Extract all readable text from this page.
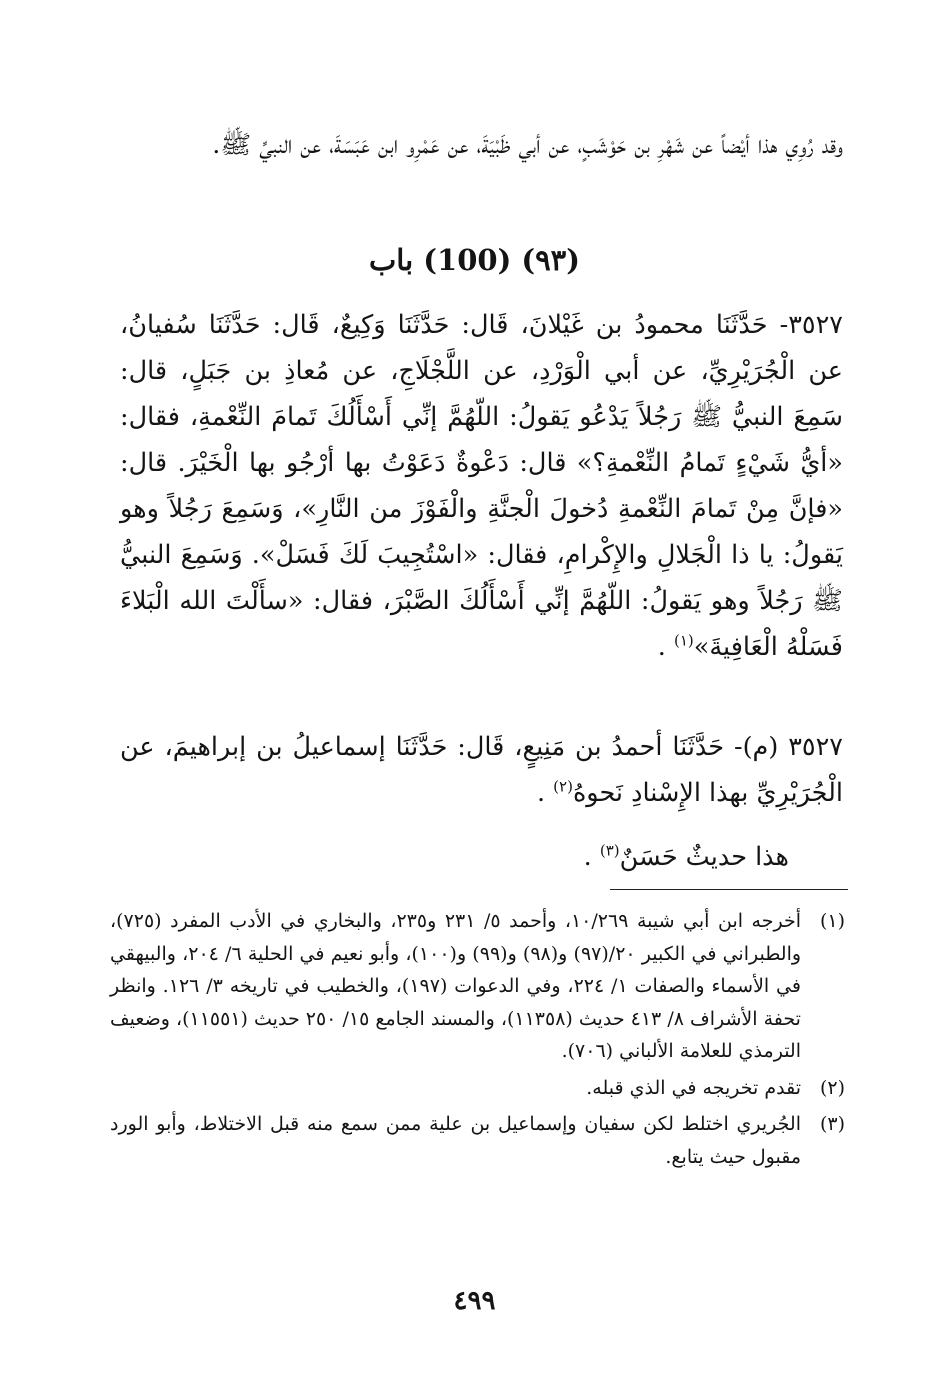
وقد رُوِي هذا أيْضاً عن شَهْرِ بن حَوْشَبٍ، عن أبي ظَبْيَةَ، عن عَمْرِو ابن عَبَسَةَ، عن النبيِّ ﷺ.

(٩٣) (100) باب

٣٥٢٧- حَدَّثَنَا محمودُ بن غَيْلانَ، قَال: حَدَّثَنَا وَكِيعٌ، قَال: حَدَّثَنَا سُفيانُ، عن الْجُرَيْرِيِّ، عن أبي الْوَرْدِ، عن اللَّجْلَاجِ، عن مُعاذِ بن جَبَلٍ، قال: سَمِعَ النبيُّ ﷺ رَجُلاً يَدْعُو يَقولُ: اللّهُمَّ إنِّي أَسْأَلُكَ تَمامَ النِّعْمةِ، فقال: «أيُّ شَيْءٍ تَمامُ النِّعْمةِ؟» قال: دَعْوةٌ دَعَوْتُ بها أرْجُو بها الْخَيْرَ. قال: «فإنَّ مِنْ تَمامَ النِّعْمةِ دُخولَ الْجنَّةِ والْفَوْزَ من النَّارِ»، وَسَمِعَ رَجُلاً وهو يَقولُ: يا ذا الْجَلالِ والإِكْرامِ، فقال: «اسْتُجِيبَ لَكَ فَسَلْ». وَسَمِعَ النبيُّ ﷺ رَجُلاً وهو يَقولُ: اللّهُمَّ إنِّي أَسْأَلُكَ الصَّبْرَ، فقال: «سأَلْتَ الله الْبَلاءَ فَسَلْهُ الْعَافِيةَ»$^{(١)}$ .

٣٥٢٧ (م)- حَدَّثَنَا أحمدُ بن مَنِيعٍ، قَال: حَدَّثَنَا إسماعيلُ بن إبراهيمَ، عن الْجُرَيْرِيِّ بهذا الإِسْنادِ نَحوهُ$^{(٢)}$ .

هذا حديثٌ حَسَنٌ$^{(٣)}$ .

(١)
أخرجه ابن أبي شيبة ١٠/٢٦٩، وأحمد ٥/ ٢٣١ و٢٣٥، والبخاري في الأدب المفرد (٧٢٥)، والطبراني في الكبير ٢٠/(٩٧) و(٩٨) و(٩٩) و(١٠٠)، وأبو نعيم في الحلية ٦/ ٢٠٤، والبيهقي في الأسماء والصفات ١/ ٢٢٤، وفي الدعوات (١٩٧)، والخطيب في تاريخه ٣/ ١٢٦. وانظر تحفة الأشراف ٨/ ٤١٣ حديث (١١٣٥٨)، والمسند الجامع ١٥/ ٢٥٠ حديث (١١٥٥١)، وضعيف الترمذي للعلامة الألباني (٧٠٦).

(٢)
تقدم تخريجه في الذي قبله.

(٣)
الجُريري اختلط لكن سفيان وإسماعيل بن علية ممن سمع منه قبل الاختلاط، وأبو الورد مقبول حيث يتابع.

٤٩٩
